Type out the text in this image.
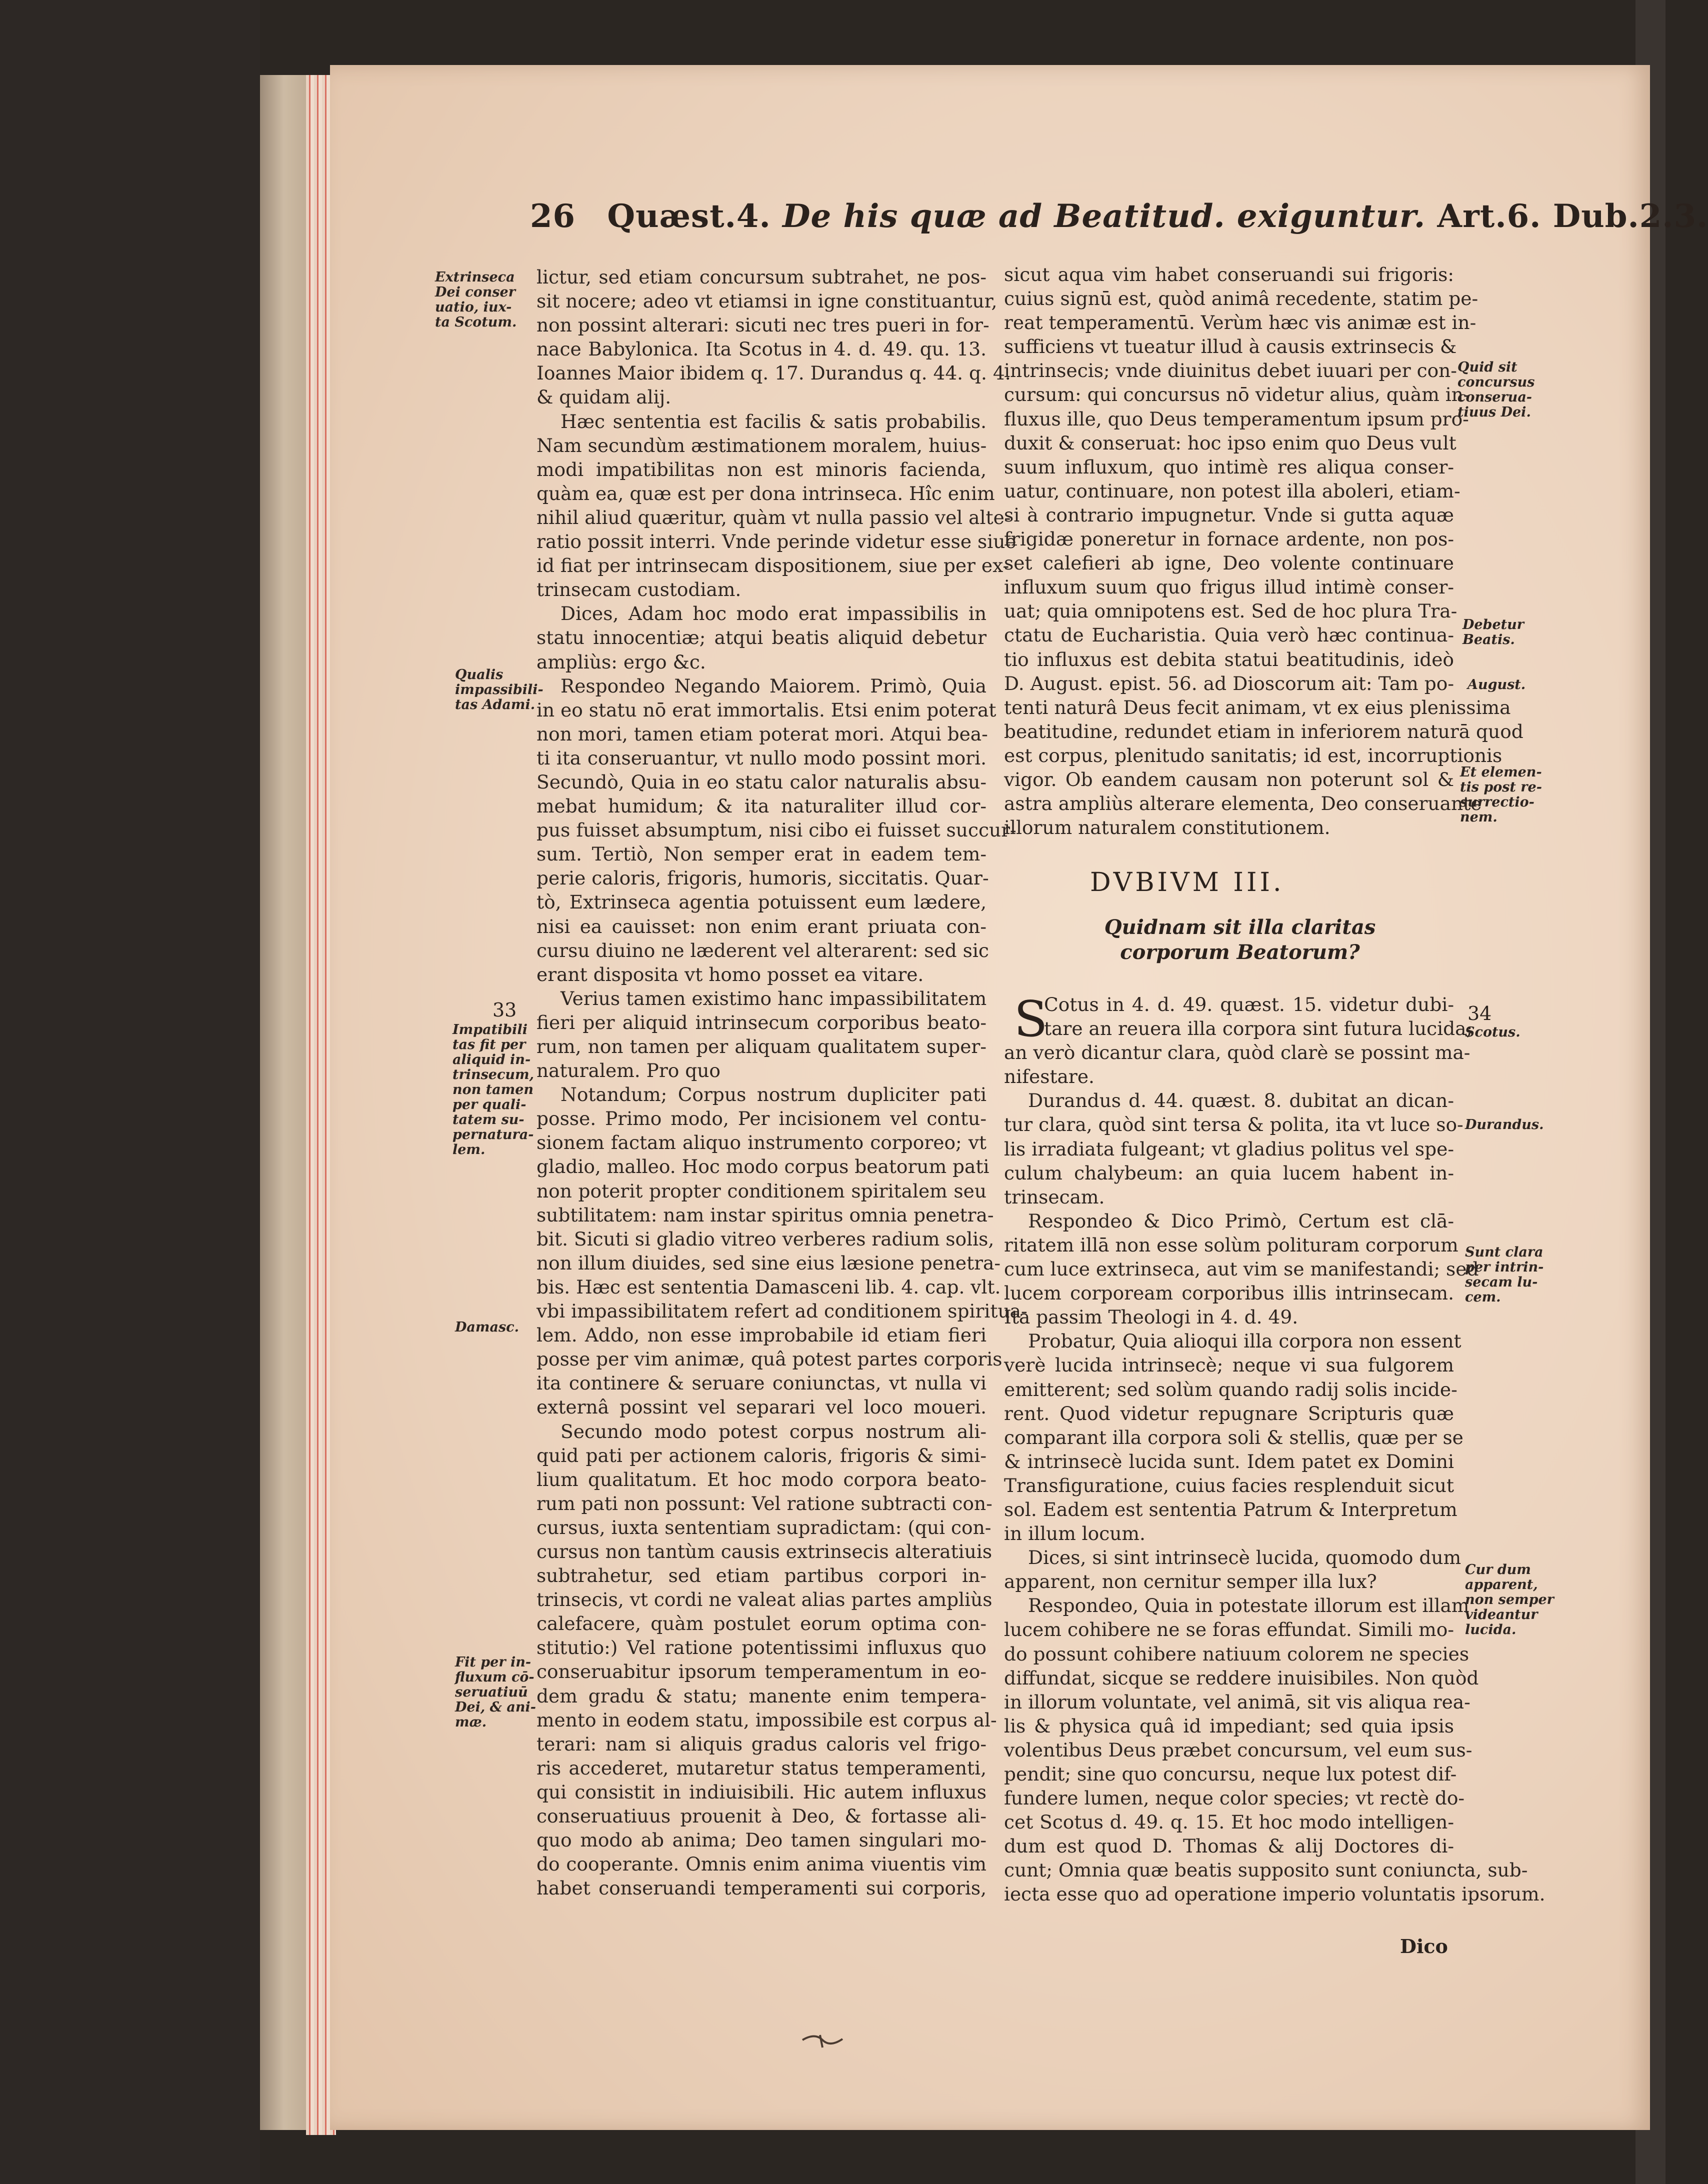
26 Quæst.4. De his quæ ad Beatitud. exiguntur. Art.6. Dub.2.3.
lictur, sed etiam concursum subtrahet, ne pos-
sit nocere; adeo vt etiamsi in igne constituantur,
non possint alterari: sicuti nec tres pueri in for-
nace Babylonica. Ita Scotus in 4. d. 49. qu. 13.
Ioannes Maior ibidem q. 17. Durandus q. 44. q. 4.
& quidam alij.
Hæc sententia est facilis & satis probabilis.
Nam secundùm æstimationem moralem, huius-
modi impatibilitas non est minoris facienda,
quàm ea, quæ est per dona intrinseca. Hîc enim
nihil aliud quæritur, quàm vt nulla passio vel alte-
ratio possit interri. Vnde perinde videtur esse siue
id fiat per intrinsecam dispositionem, siue per ex-
trinsecam custodiam.
Dices, Adam hoc modo erat impassibilis in
statu innocentiæ; atqui beatis aliquid debetur
ampliùs: ergo &c.
Respondeo Negando Maiorem. Primò, Quia
in eo statu nō erat immortalis. Etsi enim poterat
non mori, tamen etiam poterat mori. Atqui bea-
ti ita conseruantur, vt nullo modo possint mori.
Secundò, Quia in eo statu calor naturalis absu-
mebat humidum; & ita naturaliter illud cor-
pus fuisset absumptum, nisi cibo ei fuisset succur-
sum. Tertiò, Non semper erat in eadem tem-
perie caloris, frigoris, humoris, siccitatis. Quar-
tò, Extrinseca agentia potuissent eum lædere,
nisi ea cauisset: non enim erant priuata con-
cursu diuino ne læderent vel alterarent: sed sic
erant disposita vt homo posset ea vitare.
Verius tamen existimo hanc impassibilitatem
fieri per aliquid intrinsecum corporibus beato-
rum, non tamen per aliquam qualitatem super-
naturalem. Pro quo
Notandum; Corpus nostrum dupliciter pati
posse. Primo modo, Per incisionem vel contu-
sionem factam aliquo instrumento corporeo; vt
gladio, malleo. Hoc modo corpus beatorum pati
non poterit propter conditionem spiritalem seu
subtilitatem: nam instar spiritus omnia penetra-
bit. Sicuti si gladio vitreo verberes radium solis,
non illum diuides, sed sine eius læsione penetra-
bis. Hæc est sententia Damasceni lib. 4. cap. vlt.
vbi impassibilitatem refert ad conditionem spiritua-
lem. Addo, non esse improbabile id etiam fieri
posse per vim animæ, quâ potest partes corporis
ita continere & seruare coniunctas, vt nulla vi
externâ possint vel separari vel loco moueri.
Secundo modo potest corpus nostrum ali-
quid pati per actionem caloris, frigoris & simi-
lium qualitatum. Et hoc modo corpora beato-
rum pati non possunt: Vel ratione subtracti con-
cursus, iuxta sententiam supradictam: (qui con-
cursus non tantùm causis extrinsecis alteratiuis
subtrahetur, sed etiam partibus corpori in-
trinsecis, vt cordi ne valeat alias partes ampliùs
calefacere, quàm postulet eorum optima con-
stitutio:) Vel ratione potentissimi influxus quo
conseruabitur ipsorum temperamentum in eo-
dem gradu & statu; manente enim tempera-
mento in eodem statu, impossibile est corpus al-
terari: nam si aliquis gradus caloris vel frigo-
ris accederet, mutaretur status temperamenti,
qui consistit in indiuisibili. Hic autem influxus
conseruatiuus prouenit à Deo, & fortasse ali-
quo modo ab anima; Deo tamen singulari mo-
do cooperante. Omnis enim anima viuentis vim
habet conseruandi temperamenti sui corporis,
sicut aqua vim habet conseruandi sui frigoris:
cuius signū est, quòd animâ recedente, statim pe-
reat temperamentū. Verùm hæc vis animæ est in-
sufficiens vt tueatur illud à causis extrinsecis &
intrinsecis; vnde diuinitus debet iuuari per con-
cursum: qui concursus nō videtur alius, quàm in-
fluxus ille, quo Deus temperamentum ipsum pro-
duxit & conseruat: hoc ipso enim quo Deus vult
suum influxum, quo intimè res aliqua conser-
uatur, continuare, non potest illa aboleri, etiam-
si à contrario impugnetur. Vnde si gutta aquæ
frigidæ poneretur in fornace ardente, non pos-
set calefieri ab igne, Deo volente continuare
influxum suum quo frigus illud intimè conser-
uat; quia omnipotens est. Sed de hoc plura Tra-
ctatu de Eucharistia. Quia verò hæc continua-
tio influxus est debita statui beatitudinis, ideò
D. August. epist. 56. ad Dioscorum ait: Tam po-
tenti naturâ Deus fecit animam, vt ex eius plenissima
beatitudine, redundet etiam in inferiorem naturā quod
est corpus, plenitudo sanitatis; id est, incorruptionis
vigor. Ob eandem causam non poterunt sol &
astra ampliùs alterare elementa, Deo conseruante
illorum naturalem constitutionem.
DVBIVM III.
Quidnam sit illa claritas corporum Beatorum?
Cotus in 4. d. 49. quæst. 15. videtur dubi-
tare an reuera illa corpora sint futura lucida;
an verò dicantur clara, quòd clarè se possint ma-
nifestare.
Durandus d. 44. quæst. 8. dubitat an dican-
tur clara, quòd sint tersa & polita, ita vt luce so-
lis irradiata fulgeant; vt gladius politus vel spe-
culum chalybeum: an quia lucem habent in-
trinsecam.
Respondeo & Dico Primò, Certum est clā-
ritatem illā non esse solùm polituram corporum
cum luce extrinseca, aut vim se manifestandi; sed
lucem corpoream corporibus illis intrinsecam.
Ita passim Theologi in 4. d. 49.
Probatur, Quia alioqui illa corpora non essent
verè lucida intrinsecè; neque vi sua fulgorem
emitterent; sed solùm quando radij solis incide-
rent. Quod videtur repugnare Scripturis quæ
comparant illa corpora soli & stellis, quæ per se
& intrinsecè lucida sunt. Idem patet ex Domini
Transfiguratione, cuius facies resplenduit sicut
sol. Eadem est sententia Patrum & Interpretum
in illum locum.
Dices, si sint intrinsecè lucida, quomodo dum
apparent, non cernitur semper illa lux?
Respondeo, Quia in potestate illorum est illam
lucem cohibere ne se foras effundat. Simili mo-
do possunt cohibere natiuum colorem ne species
diffundat, sicque se reddere inuisibiles. Non quòd
in illorum voluntate, vel animā, sit vis aliqua rea-
lis & physica quâ id impediant; sed quia ipsis
volentibus Deus præbet concursum, vel eum sus-
pendit; sine quo concursu, neque lux potest dif-
fundere lumen, neque color species; vt rectè do-
cet Scotus d. 49. q. 15. Et hoc modo intelligen-
dum est quod D. Thomas & alij Doctores di-
cunt; Omnia quæ beatis supposito sunt coniuncta, sub-
iecta esse quo ad operatione imperio voluntatis ipsorum.
S
33	34
Extrinseca
Dei conser
uatio, iux-
ta Scotum.
Qualis
impassibili-
tas Adami.
Impatibili
tas fit per
aliquid in-
trinsecum,
non tamen
per quali-
tatem su-
pernatura-
lem.
Damasc.
Fit per in-
fluxum cō-
seruatiuū
Dei, & ani-
mæ.
Quid sit
concursus
conserua-
tiuus Dei.
Debetur
Beatis.
August.
Et elemen-
tis post re-
surrectio-
nem.
Scotus.
Durandus.
Sunt clara
per intrin-
secam lu-
cem.
Cur dum
apparent,
non semper
videantur
lucida.
Dico
